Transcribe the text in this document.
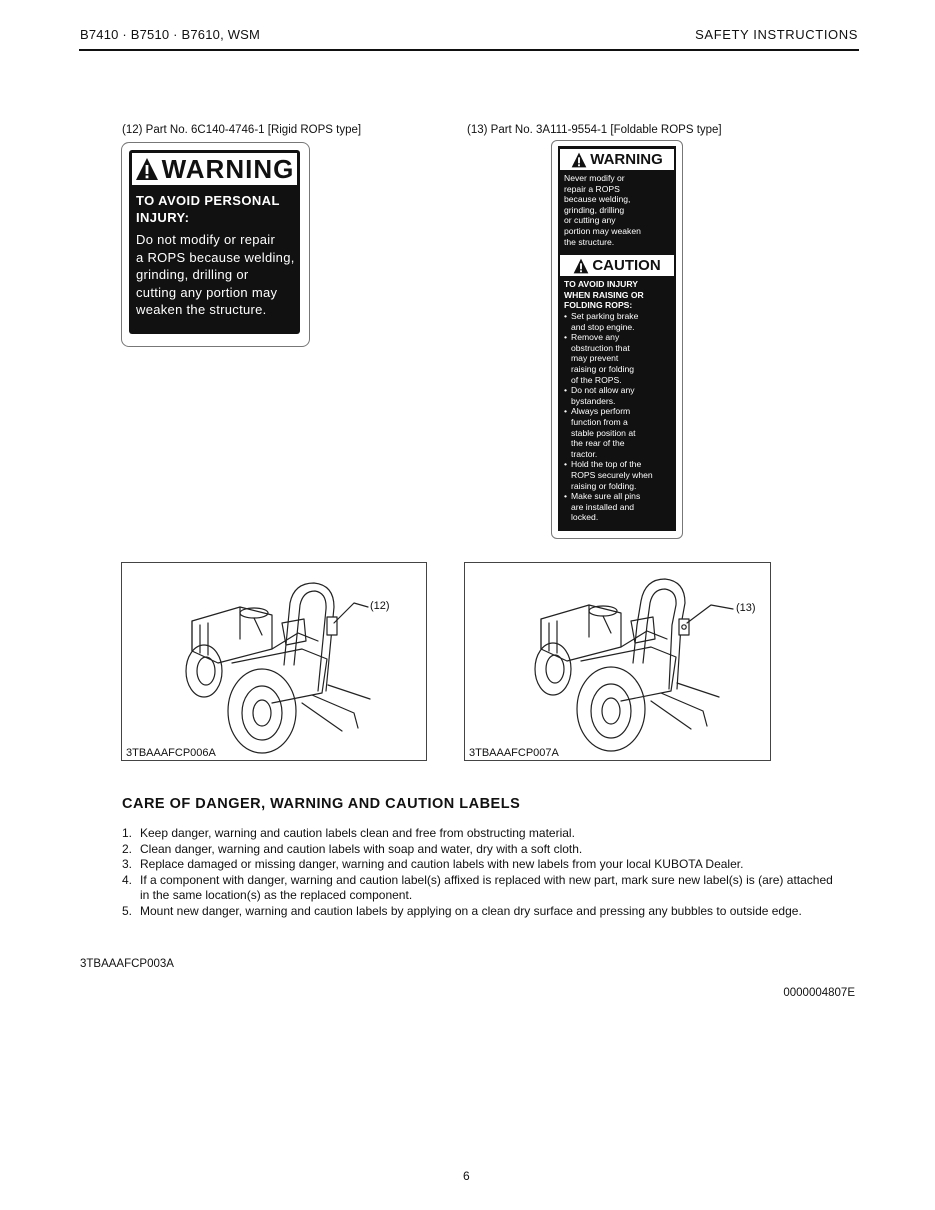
B7410 · B7510 · B7610, WSM	SAFETY INSTRUCTIONS
(12) Part No. 6C140-4746-1 [Rigid ROPS type]	(13) Part No. 3A111-9554-1 [Foldable ROPS type]
WARNING
TO AVOID PERSONAL
INJURY:
Do not modify or repair
a ROPS because welding,
grinding, drilling or
cutting any portion may
weaken the structure.
WARNING
Never modify or
repair a ROPS
because welding,
grinding, drilling
or cutting any
portion may weaken
the structure.
CAUTION
TO AVOID INJURY
WHEN RAISING OR
FOLDING ROPS:
• Set parking brake
and stop engine.
• Remove any
obstruction that
may prevent
raising or folding
of the ROPS.
• Do not allow any
bystanders.
• Always perform
function from a
stable position at
the rear of the
tractor.
• Hold the top of the
ROPS securely when
raising or folding.
• Make sure all pins
are installed and
locked.
(12)
3TBAAAFCP006A
(13)
3TBAAAFCP007A
CARE OF DANGER, WARNING AND CAUTION LABELS
1. Keep danger, warning and caution labels clean and free from obstructing material.
2. Clean danger, warning and caution labels with soap and water, dry with a soft cloth.
3. Replace damaged or missing danger, warning and caution labels with new labels from your local KUBOTA Dealer.
4. If a component with danger, warning and caution label(s) affixed is replaced with new part, mark sure new label(s) is (are) attached in the same location(s) as the replaced component.
5. Mount new danger, warning and caution labels by applying on a clean dry surface and pressing any bubbles to outside edge.
3TBAAAFCP003A
0000004807E
6
